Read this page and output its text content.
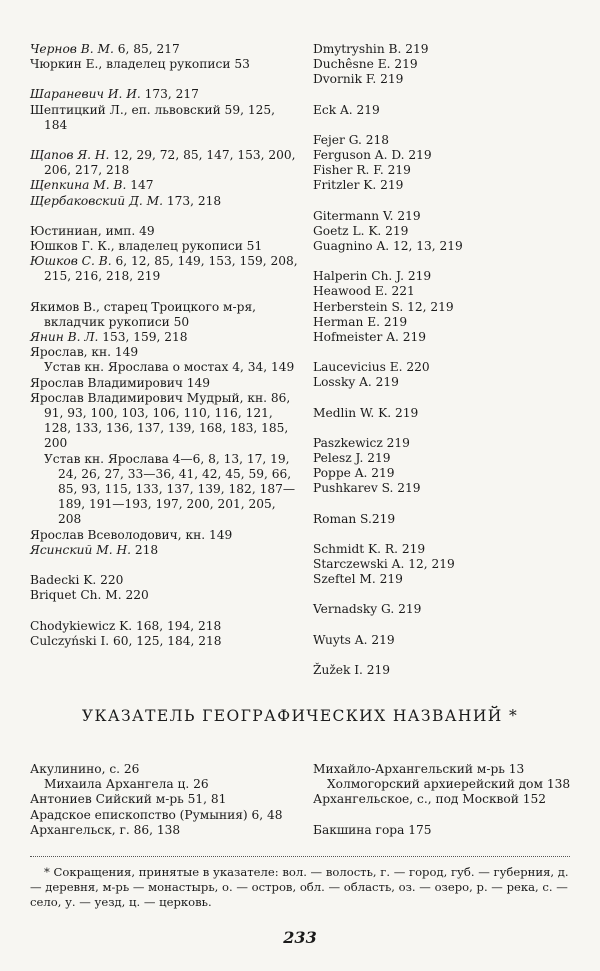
Чернов В. М. 6, 85, 217
Чюркин Е., владелец рукописи 53
Шараневич И. И. 173, 217
Шептицкий Л., еп. львовский 59, 125, 184
Щапов Я. Н. 12, 29, 72, 85, 147, 153, 200, 206, 217, 218
Щепкина М. В. 147
Щербаковский Д. М. 173, 218
Юстиниан, имп. 49
Юшков Г. К., владелец рукописи 51
Юшков С. В. 6, 12, 85, 149, 153, 159, 208, 215, 216, 218, 219
Якимов В., старец Троицкого м-ря, вкладчик рукописи 50
Янин В. Л. 153, 159, 218
Ярослав, кн. 149
Устав кн. Ярослава о мостах 4, 34, 149
Ярослав Владимирович 149
Ярослав Владимирович Мудрый, кн. 86, 91, 93, 100, 103, 106, 110, 116, 121, 128, 133, 136, 137, 139, 168, 183, 185, 200
Устав кн. Ярослава 4—6, 8, 13, 17, 19, 24, 26, 27, 33—36, 41, 42, 45, 59, 66, 85, 93, 115, 133, 137, 139, 182, 187—189, 191—193, 197, 200, 201, 205, 208
Ярослав Всеволодович, кн. 149
Ясинский М. Н. 218
Badecki K. 220
Briquet Ch. M. 220
Chodykiewicz K. 168, 194, 218
Culczyński I. 60, 125, 184, 218
Dmytryshin B. 219
Duchêsne E. 219
Dvornik F. 219
Eck A. 219
Fejer G. 218
Ferguson A. D. 219
Fisher R. F. 219
Fritzler K. 219
Gitermann V. 219
Goetz L. K. 219
Guagnino A. 12, 13, 219
Halperin Ch. J. 219
Heawood E. 221
Herberstein S. 12, 219
Herman E. 219
Hofmeister A. 219
Laucevicius E. 220
Lossky A. 219
Medlin W. K. 219
Paszkewicz 219
Pelesz J. 219
Poppe A. 219
Pushkarev S. 219
Roman S.219
Schmidt K. R. 219
Starczewski A. 12, 219
Szeftel M. 219
Vernadsky G. 219
Wuyts A. 219
Žužek I. 219
УКАЗАТЕЛЬ ГЕОГРАФИЧЕСКИХ НАЗВАНИЙ *
Акулинино, с. 26
Михаила Архангела ц. 26
Антониев Сийский м-рь 51, 81
Арадское епископство (Румыния) 6, 48
Архангельск, г. 86, 138
Михайло-Архангельский м-рь 13
Холмогорский архиерейский дом 138
Архангельское, с., под Москвой 152
Бакшина гора 175
* Сокращения, принятые в указателе: вол. — волость, г. — город, губ. — губерния, д. — деревня, м-рь — монастырь, о. — остров, обл. — область, оз. — озеро, р. — река, с. — село, у. — уезд, ц. — церковь.
233
